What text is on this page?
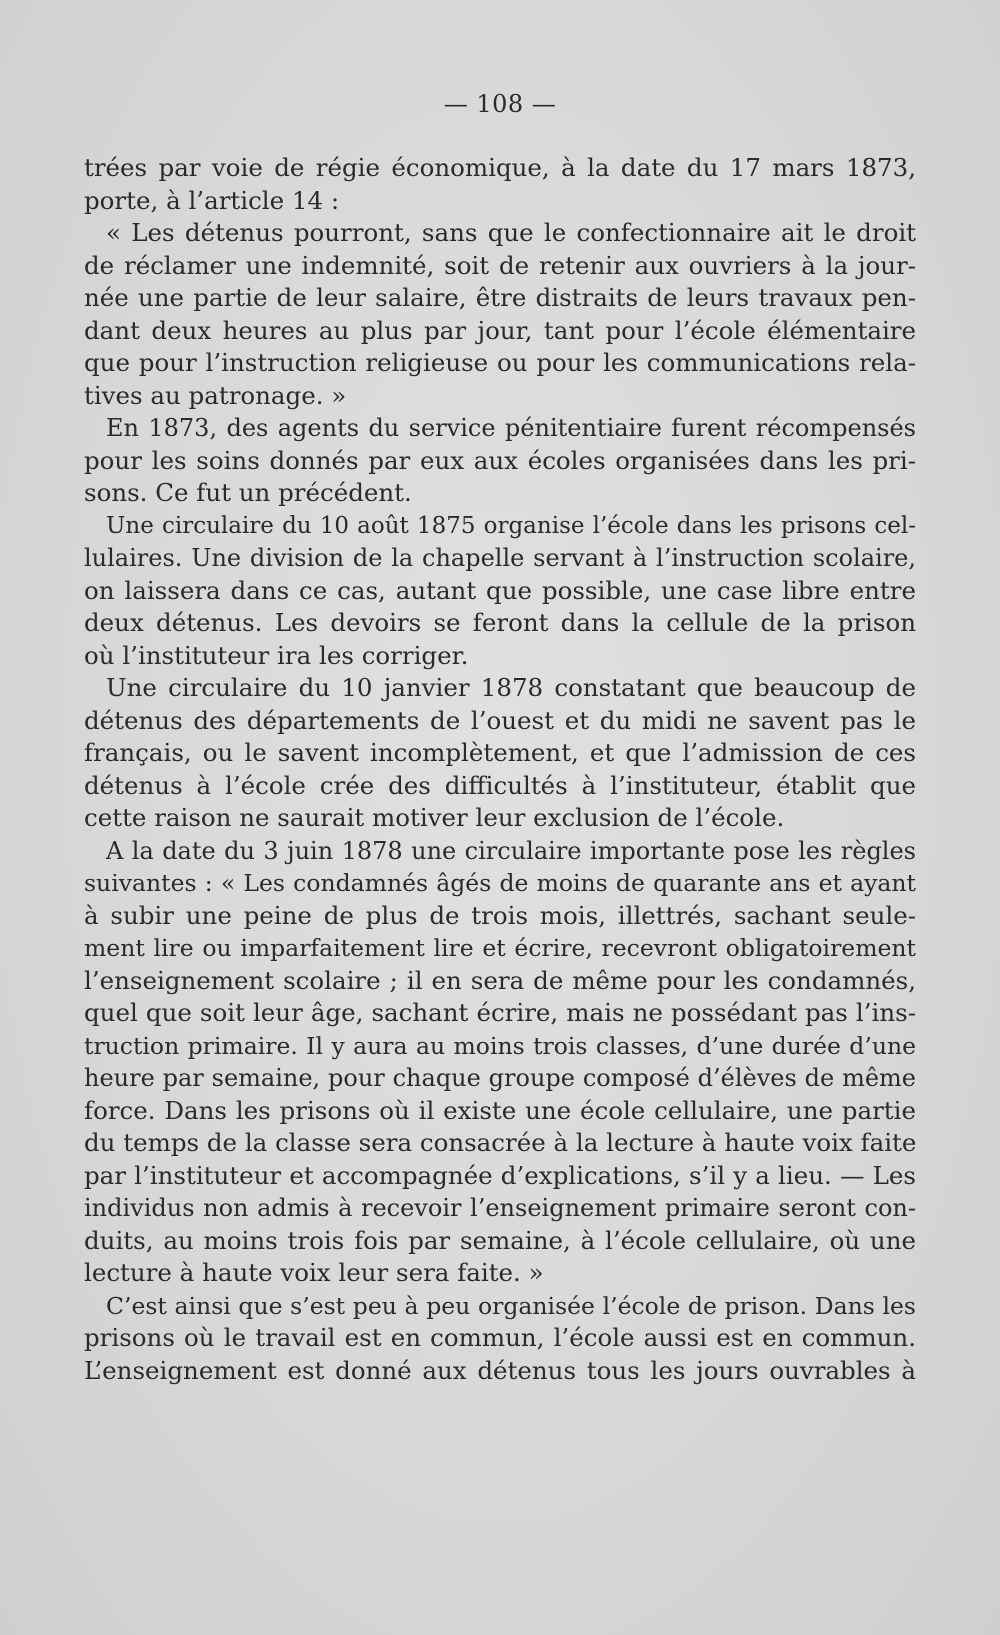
— 108 —
trées par voie de régie économique, à la date du 17 mars 1873,
porte, à l’article 14 :
« Les détenus pourront, sans que le confectionnaire ait le droit
de réclamer une indemnité, soit de retenir aux ouvriers à la jour-
née une partie de leur salaire, être distraits de leurs travaux pen-
dant deux heures au plus par jour, tant pour l’école élémentaire
que pour l’instruction religieuse ou pour les communications rela-
tives au patronage. »
En 1873, des agents du service pénitentiaire furent récompensés
pour les soins donnés par eux aux écoles organisées dans les pri-
sons. Ce fut un précédent.
Une circulaire du 10 août 1875 organise l’école dans les prisons cel-
lulaires. Une division de la chapelle servant à l’instruction scolaire,
on laissera dans ce cas, autant que possible, une case libre entre
deux détenus. Les devoirs se feront dans la cellule de la prison
où l’instituteur ira les corriger.
Une circulaire du 10 janvier 1878 constatant que beaucoup de
détenus des départements de l’ouest et du midi ne savent pas le
français, ou le savent incomplètement, et que l’admission de ces
détenus à l’école crée des difficultés à l’instituteur, établit que
cette raison ne saurait motiver leur exclusion de l’école.
A la date du 3 juin 1878 une circulaire importante pose les règles
suivantes : « Les condamnés âgés de moins de quarante ans et ayant
à subir une peine de plus de trois mois, illettrés, sachant seule-
ment lire ou imparfaitement lire et écrire, recevront obligatoirement
l’enseignement scolaire ; il en sera de même pour les condamnés,
quel que soit leur âge, sachant écrire, mais ne possédant pas l’ins-
truction primaire. Il y aura au moins trois classes, d’une durée d’une
heure par semaine, pour chaque groupe composé d’élèves de même
force. Dans les prisons où il existe une école cellulaire, une partie
du temps de la classe sera consacrée à la lecture à haute voix faite
par l’instituteur et accompagnée d’explications, s’il y a lieu. — Les
individus non admis à recevoir l’enseignement primaire seront con-
duits, au moins trois fois par semaine, à l’école cellulaire, où une
lecture à haute voix leur sera faite. »
C’est ainsi que s’est peu à peu organisée l’école de prison. Dans les
prisons où le travail est en commun, l’école aussi est en commun.
L’enseignement est donné aux détenus tous les jours ouvrables à
